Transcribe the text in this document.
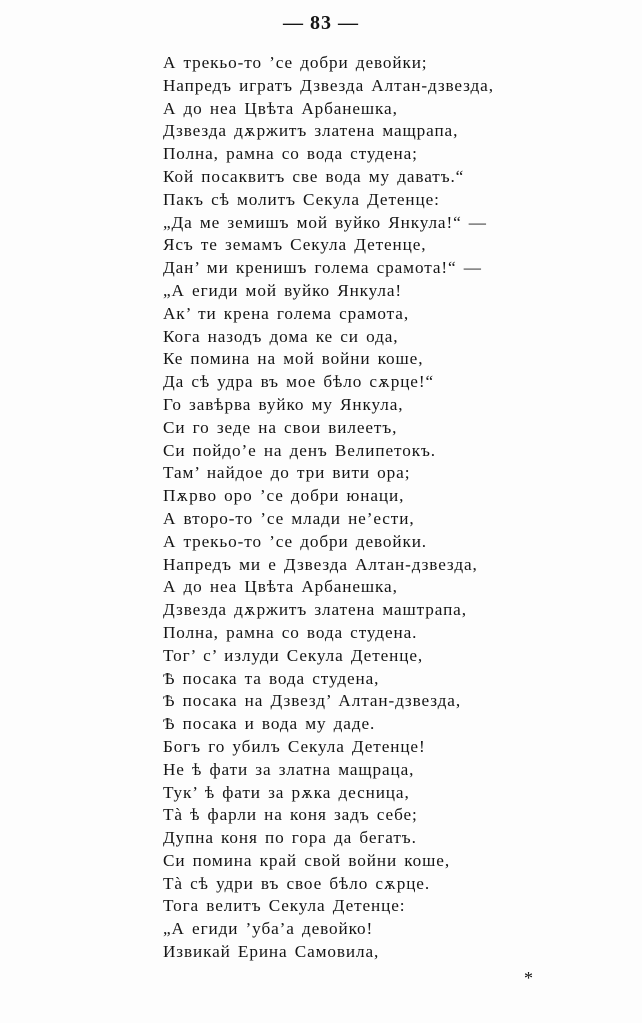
— 83 —
А трекьо-то ’се добри девойки;
Напредъ игратъ Дзвезда Алтан-дзвезда,
А до неа Цвѣта Арбанешка,
Дзвезда дѫржитъ златена мащрапа,
Полна, рамна со вода студена;
Кой посаквитъ све вода му даватъ.“
Пакъ сѣ молитъ Секула Детенце:
„Да ме земишъ мой вуйко Янкула!“ —
Ясъ те земамъ Секула Детенце,
Дан’ ми кренишъ голема срамота!“ —
„А егиди мой вуйко Янкула!
Ак’ ти крена голема срамота,
Кога назодъ дома ке си ода,
Ке помина на мой войни коше,
Да сѣ удра въ мое бѣло сѫрце!“
Го завѣрва вуйко му Янкула,
Си го зеде на свои вилеетъ,
Си пойдо’е на денъ Велипетокъ.
Там’ найдое до три вити ора;
Пѫрво оро ’се добри юнаци,
А второ-то ’се млади не’ести,
А трекьо-то ’се добри девойки.
Напредъ ми е Дзвезда Алтан-дзвезда,
А до неа Цвѣта Арбанешка,
Дзвезда дѫржитъ златена маштрапа,
Полна, рамна со вода студена.
Тог’ с’ излуди Секула Детенце,
Ѣ посака та вода студена,
Ѣ посака на Дзвезд’ Алтан-дзвезда,
Ѣ посака и вода му даде.
Богъ го убилъ Секула Детенце!
Не ѣ фати за златна мащраца,
Тук’ ѣ фати за рѫка десница,
Тà ѣ фарли на коня задъ себе;
Дупна коня по гора да бегатъ.
Си помина край свой войни коше,
Тà сѣ удри въ свое бѣло сѫрце.
Тога велитъ Секула Детенце:
„А егиди ’уба’а девойко!
Извикай Ерина Самовила,
*
